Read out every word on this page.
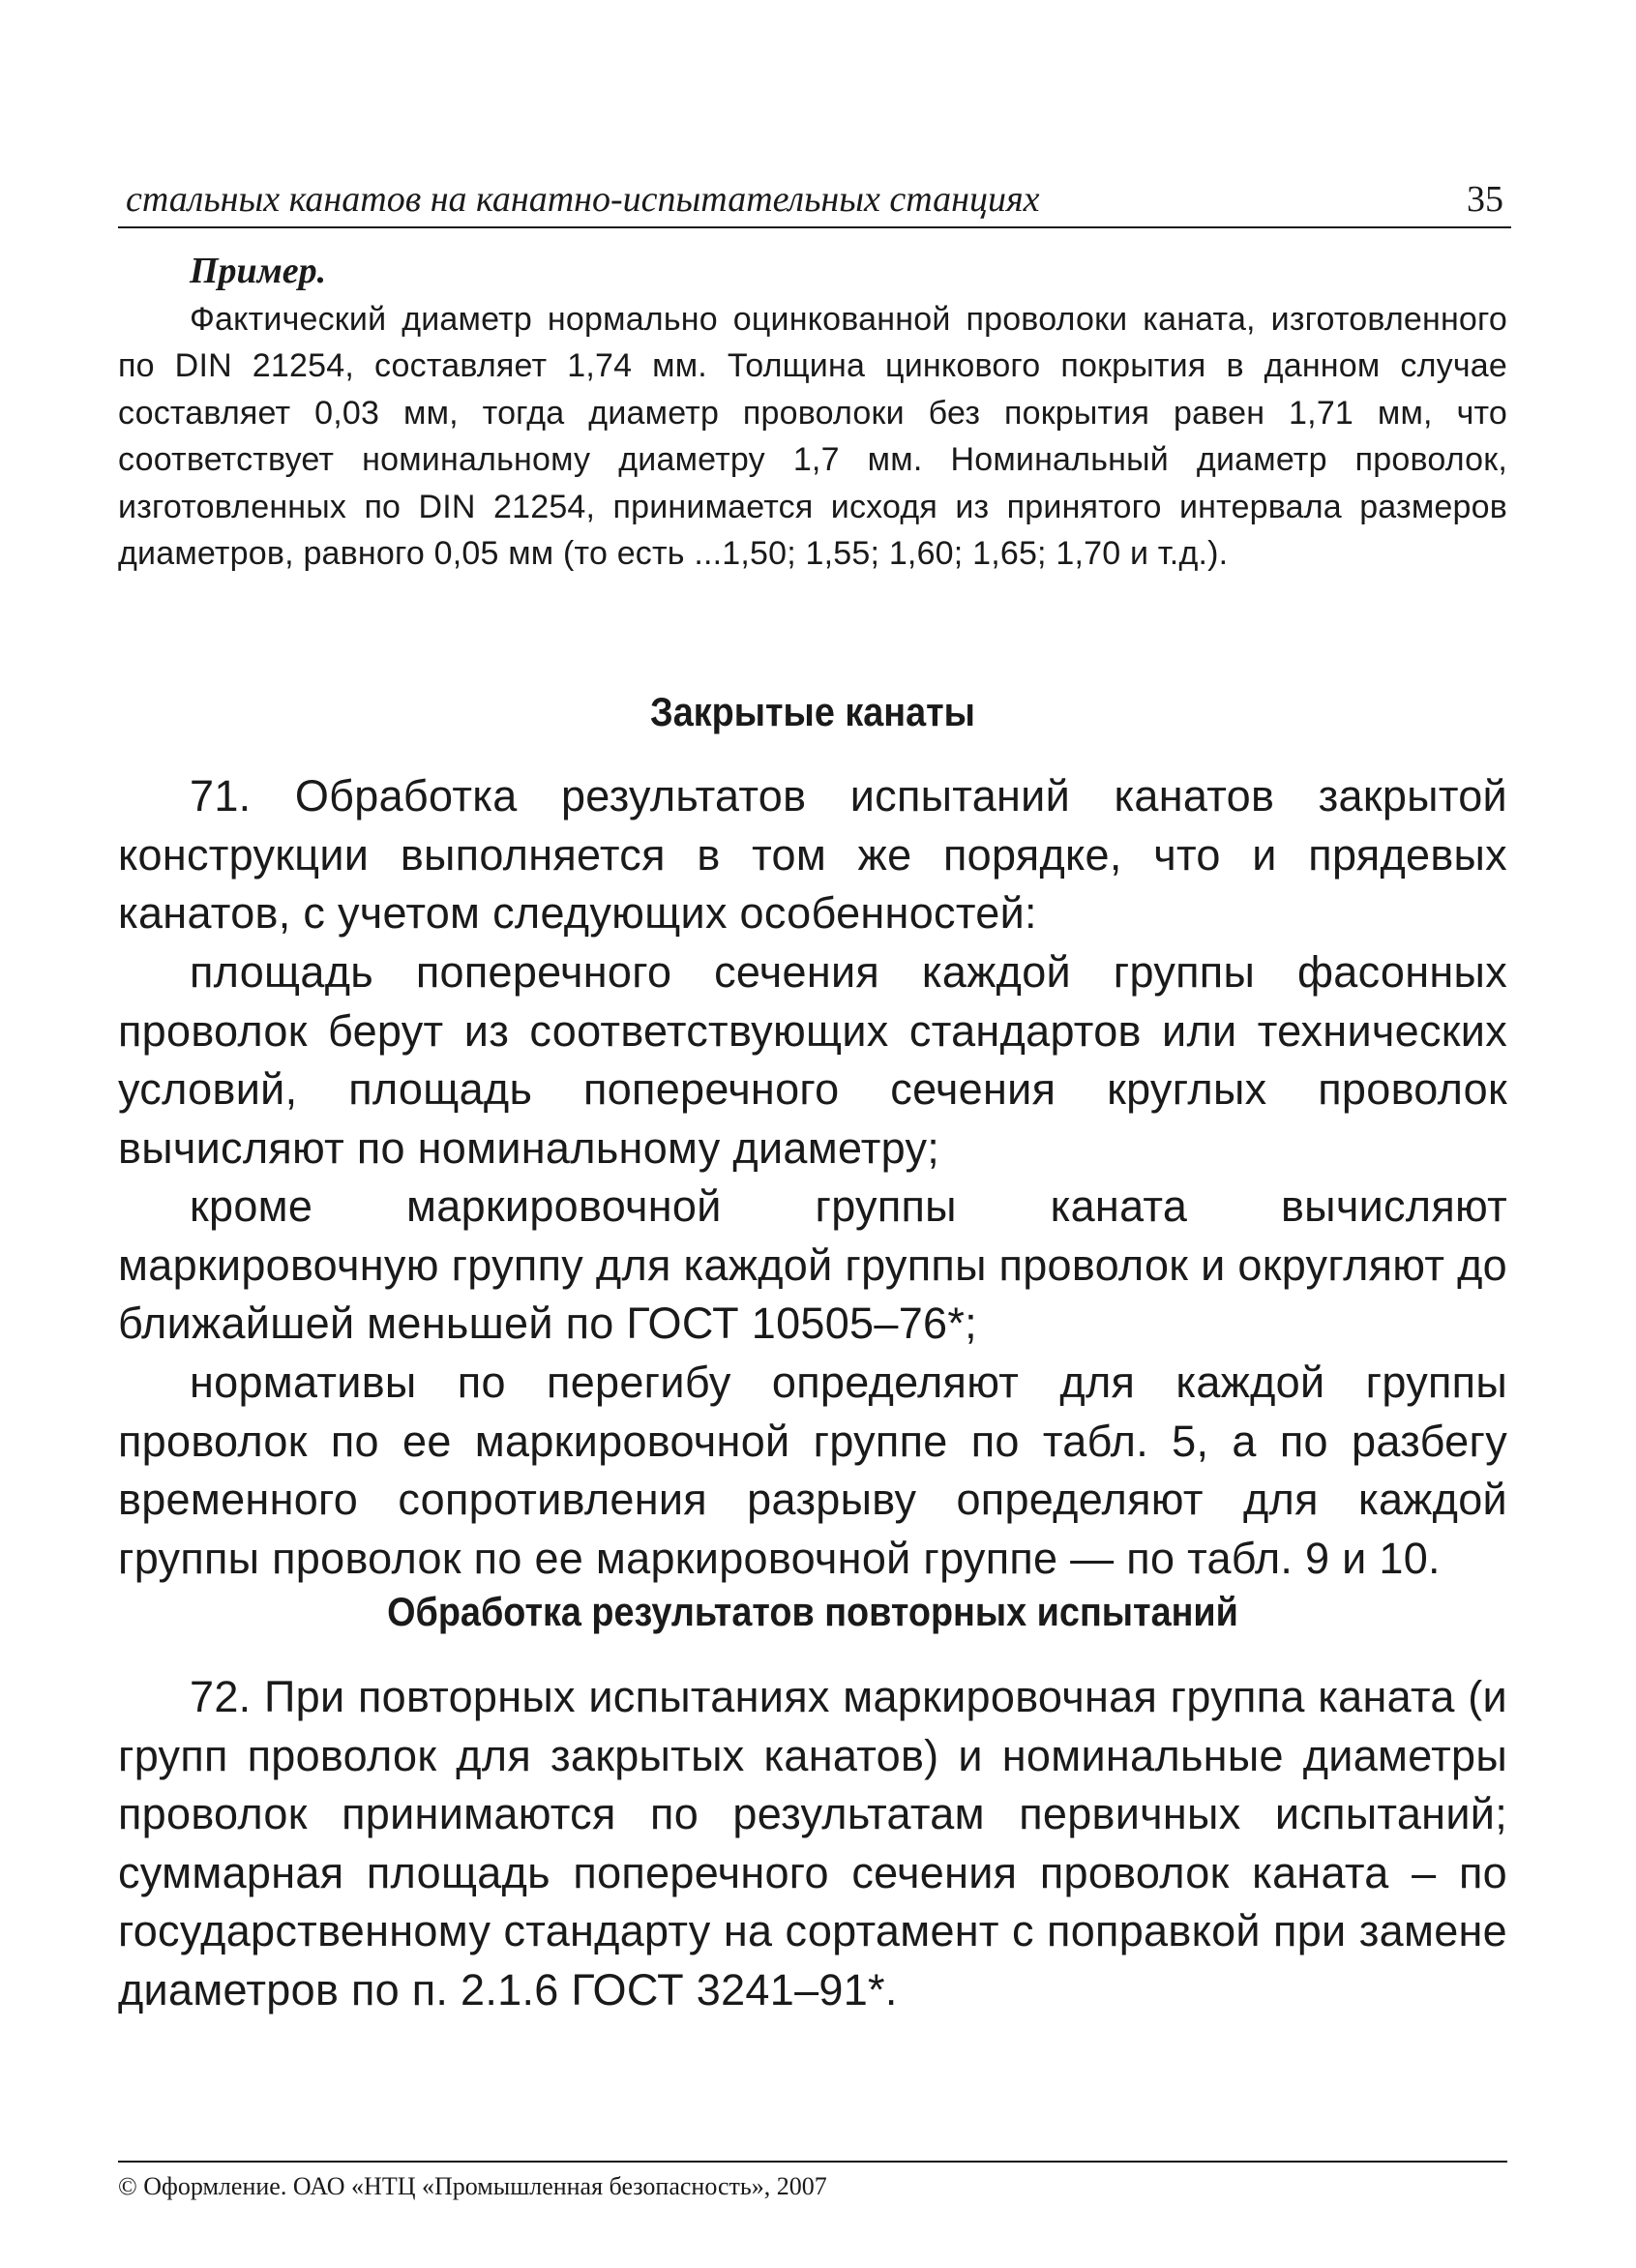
стальных канатов на канатно-испытательных станциях	35
Пример.

Фактический диаметр нормально оцинкованной проволоки каната, изготовленного по DIN 21254, составляет 1,74 мм. Толщина цинкового покрытия в данном случае составляет 0,03 мм, тогда диаметр проволоки без покрытия равен 1,71 мм, что соответствует номинальному диаметру 1,7 мм. Номинальный диаметр проволок, изготовленных по DIN 21254, принимается исходя из принятого интервала размеров диаметров, равного 0,05 мм (то есть ...1,50; 1,55; 1,60; 1,65; 1,70 и т.д.).

Закрытые канаты

71. Обработка результатов испытаний канатов закрытой конструкции выполняется в том же порядке, что и прядевых канатов, с учетом следующих особенностей:

площадь поперечного сечения каждой группы фасонных проволок берут из соответствующих стандартов или технических условий, площадь поперечного сечения круглых проволок вычисляют по номинальному диаметру;

кроме маркировочной группы каната вычисляют маркировочную группу для каждой группы проволок и округляют до ближайшей меньшей по ГОСТ 10505–76*;

нормативы по перегибу определяют для каждой группы проволок по ее маркировочной группе по табл. 5, а по разбегу временного сопротивления разрыву определяют для каждой группы проволок по ее маркировочной группе — по табл. 9 и 10.

Обработка результатов повторных испытаний

72. При повторных испытаниях маркировочная группа каната (и групп проволок для закрытых канатов) и номинальные диаметры проволок принимаются по результатам первичных испытаний; суммарная площадь поперечного сечения проволок каната – по государственному стандарту на сортамент с поправкой при замене диаметров по п. 2.1.6 ГОСТ 3241–91*.

© Оформление. ОАО «НТЦ «Промышленная безопасность», 2007
